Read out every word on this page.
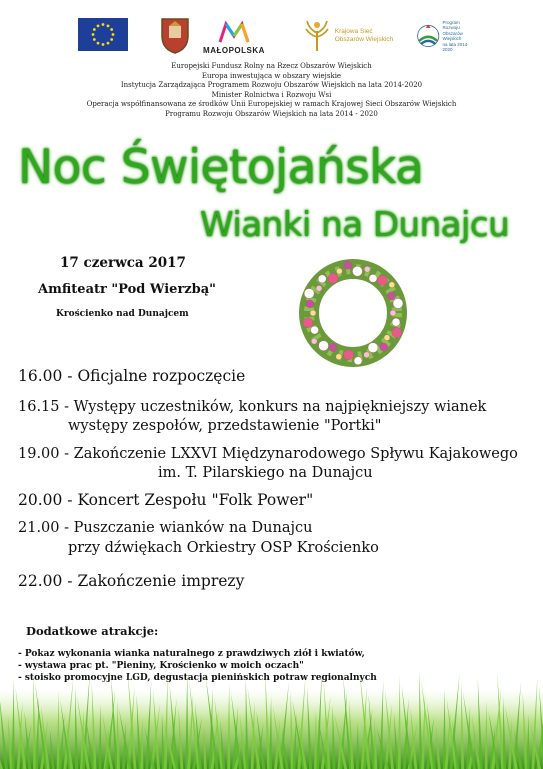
MAŁOPOLSKA
Krajowa Sieć
Obszarów Wiejskich
Program
Rozwoju
Obszarów
Wiejskich
na lata 2014-2020
Europejski Fundusz Rolny na Rzecz Obszarów Wiejskich
Europa inwestująca w obszary wiejskie
Instytucja Zarządzająca Programem Rozwoju Obszarów Wiejskich na lata 2014-2020
Minister Rolnictwa i Rozwoju Wsi
Operacja współfinansowana ze środków Unii Europejskiej w ramach Krajowej Sieci Obszarów Wiejskich
Programu Rozwoju Obszarów Wiejskich na lata 2014 - 2020
Noc Świętojańska
Wianki na Dunajcu
17 czerwca 2017
Amfiteatr "Pod Wierzbą"
Krościenko nad Dunajcem
16.00 - Oficjalne rozpoczęcie
16.15 - Występy uczestników, konkurs na najpiękniejszy wianek
występy zespołów, przedstawienie "Portki"
19.00 - Zakończenie LXXVI Międzynarodowego Spływu Kajakowego
im. T. Pilarskiego na Dunajcu
20.00 - Koncert Zespołu "Folk Power"
21.00 - Puszczanie wianków na Dunajcu
przy dźwiękach Orkiestry OSP Krościenko
22.00 - Zakończenie imprezy
Dodatkowe atrakcje:
- Pokaz wykonania wianka naturalnego z prawdziwych ziół i kwiatów,
- wystawa prac pt. "Pieniny, Krościenko w moich oczach"
- stoisko promocyjne LGD, degustacja pienińskich potraw regionalnych
